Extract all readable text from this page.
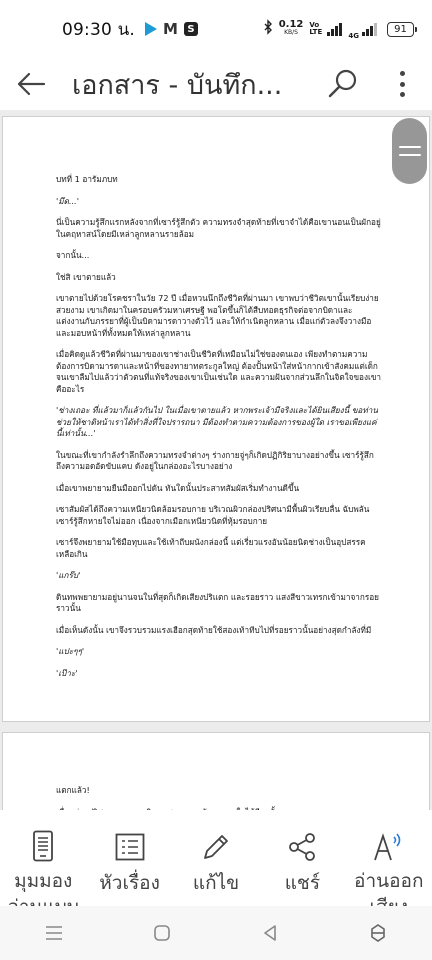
09:30 น. M S	0.12
KB/S
Vo LTE	4G
91
เอกสาร - บันทึก...

บทที่ 1 อารัมภบท

'มึด...'

นี่เป็นความรู้สึกแรกหลังจากที่เซาร์รู้สึกตัว ความทรงจำสุดท้ายที่เขาจำได้คือเขานอนเป็นผักอยู่ในคฤหาสน์โดยมีเหล่าลูกหลานรายล้อม

จากนั้น...

ใช่สิ เขาตายแล้ว

เขาตายไปด้วยโรคชราในวัย 72 ปี เมื่อหวนนึกถึงชีวิตที่ผ่านมา เขาพบว่าชีวิตเขานั้นเรียบง่ายสวยงาม เขาเกิดมาในครอบครัวมหาเศรษฐี พอโตขึ้นก็ได้สืบทอดธุรกิจต่อจากบิดาและแต่งงานกับภรรยาที่ผู้เป็นบิดามารดาวางตัวไว้ และให้กำเนิดลูกหลาน เมื่อแก่ตัวลงจึงวางมือและมอบหน้าที่ทั้งหมดให้เหล่าลูกหลาน

เมื่อคิดดูแล้วชีวิตที่ผ่านมาของเขาช่างเป็นชีวิตที่เหมือนไม่ใช่ของตนเอง เพียงทำตามความต้องการบิดามารดาและหน้าที่ของทายาทตระกูลใหญ่ ต้องปั้นหน้าใส่หน้ากากเข้าสังคมแต่เด็ก จนเขาลืมไปแล้วว่าตัวตนที่แท้จริงของเขาเป็นเช่นใด และความฝันจากส่วนลึกในจิตใจของเขาคืออะไร

'ช่างเถอะ ที่แล้วมาก็แล้วกันไป ในเมื่อเขาตายแล้ว หากพระเจ้ามีจริงและได้ยินเสียงนี้ ขอท่านช่วยให้ชาติหน้าเราได้ทำสิ่งที่ใจปรารถนา มีต้องทำตามความต้องการของผู้ใด เราขอเพียงแค่นี้เท่านั้น...'

ในขณะที่เขากำลังรำลึกถึงความทรงจำต่างๆ ร่างกายจู่ๆก็เกิดปฏิกิริยาบางอย่างขึ้น เซาร์รู้สึกถึงความอดอัดขับแคบ ดังอยู่ในกล่องอะไรบางอย่าง

เมื่อเขาพยายามยืนมืออกไปดัน ทันใดนั้นประสาทสัมผัสเริ่มทำงานดีขึ้น

เซาสัมผัสได้ถึงความเหนียวนิดล้อมรอบกาย บริเวณผิวกล่องปริศนามีพื้นผิวเรียบลื่น ฉับพลันเซาร์รู้สึกหายใจไม่ออก เนื่องจากเมือกเหนียวนิดที่หุ้มรอบกาย

เซาร์จึงพยายามใช้มือทุบและใช้เท้าถีบผนังกล่องนี้ แต่เรี่ยวแรงอันน้อยนิดช่างเป็นอุปสรรคเหลือเกิน

'แกร๊บ'

ดินทพพยายามอยู่นานจนในที่สุดก็เกิดเสียงปริแตก และรอยราว แสงสีขาวเทรกเข้ามาจากรอยราวนั้น

เมื่อเห็นดังนั้น เขาจึงรวบรวมแรงเฮือกสุดท้ายใช้สองเท้าทีบไปที่รอยราวนั้นอย่างสุดกำลังที่มี

'แปะๆๆ'

'เป๊าะ'

แตกแล้ว!

มุมมอง หัวเรื่อง แก้ไข แชร์ อ่านออก
